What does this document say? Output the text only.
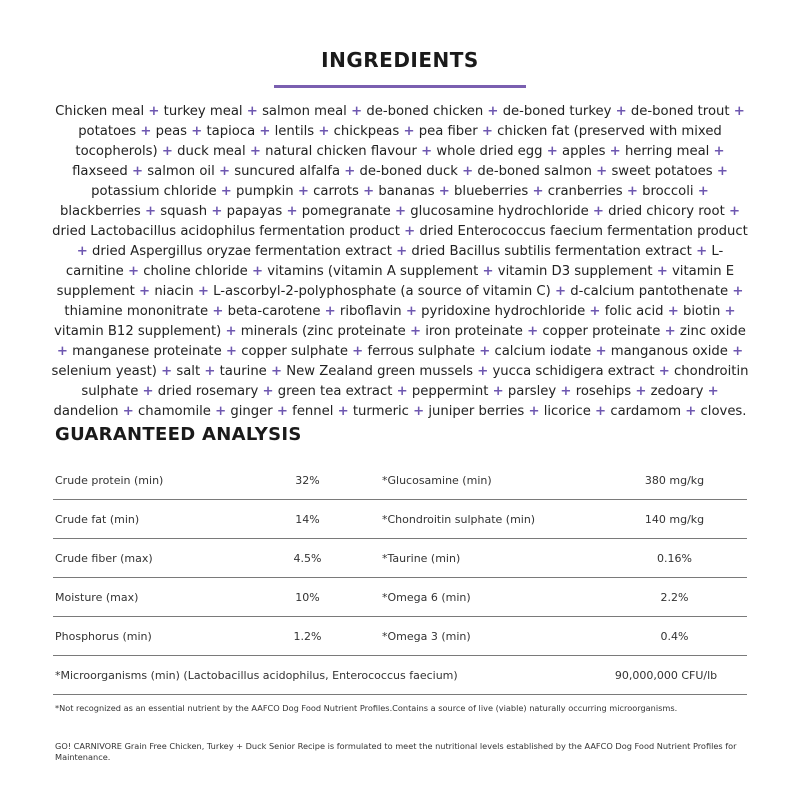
INGREDIENTS
Chicken meal + turkey meal + salmon meal + de-boned chicken + de-boned turkey + de-boned trout + potatoes + peas + tapioca + lentils + chickpeas + pea fiber + chicken fat (preserved with mixed tocopherols) + duck meal + natural chicken flavour + whole dried egg + apples + herring meal + flaxseed + salmon oil + suncured alfalfa + de-boned duck + de-boned salmon + sweet potatoes + potassium chloride + pumpkin + carrots + bananas + blueberries + cranberries + broccoli + blackberries + squash + papayas + pomegranate + glucosamine hydrochloride + dried chicory root + dried Lactobacillus acidophilus fermentation product + dried Enterococcus faecium fermentation product + dried Aspergillus oryzae fermentation extract + dried Bacillus subtilis fermentation extract + L-carnitine + choline chloride + vitamins (vitamin A supplement + vitamin D3 supplement + vitamin E supplement + niacin + L-ascorbyl-2-polyphosphate (a source of vitamin C) + d-calcium pantothenate + thiamine mononitrate + beta-carotene + riboflavin + pyridoxine hydrochloride + folic acid + biotin + vitamin B12 supplement) + minerals (zinc proteinate + iron proteinate + copper proteinate + zinc oxide + manganese proteinate + copper sulphate + ferrous sulphate + calcium iodate + manganous oxide + selenium yeast) + salt + taurine + New Zealand green mussels + yucca schidigera extract + chondroitin sulphate + dried rosemary + green tea extract + peppermint + parsley + rosehips + zedoary + dandelion + chamomile + ginger + fennel + turmeric + juniper berries + licorice + cardamom + cloves.
GUARANTEED ANALYSIS
Crude protein (min)	32%	*Glucosamine (min)	380 mg/kg
Crude fat (min)	14%	*Chondroitin sulphate (min)	140 mg/kg
Crude fiber (max)	4.5%	*Taurine (min)	0.16%
Moisture (max)	10%	*Omega 6 (min)	2.2%
Phosphorus (min)	1.2%	*Omega 3 (min)	0.4%
*Microorganisms (min) (Lactobacillus acidophilus, Enterococcus faecium)	90,000,000 CFU/lb
*Not recognized as an essential nutrient by the AAFCO Dog Food Nutrient Profiles.Contains a source of live (viable) naturally occurring microorganisms.
GO! CARNIVORE Grain Free Chicken, Turkey + Duck Senior Recipe is formulated to meet the nutritional levels established by the AAFCO Dog Food Nutrient Profiles for Maintenance.
